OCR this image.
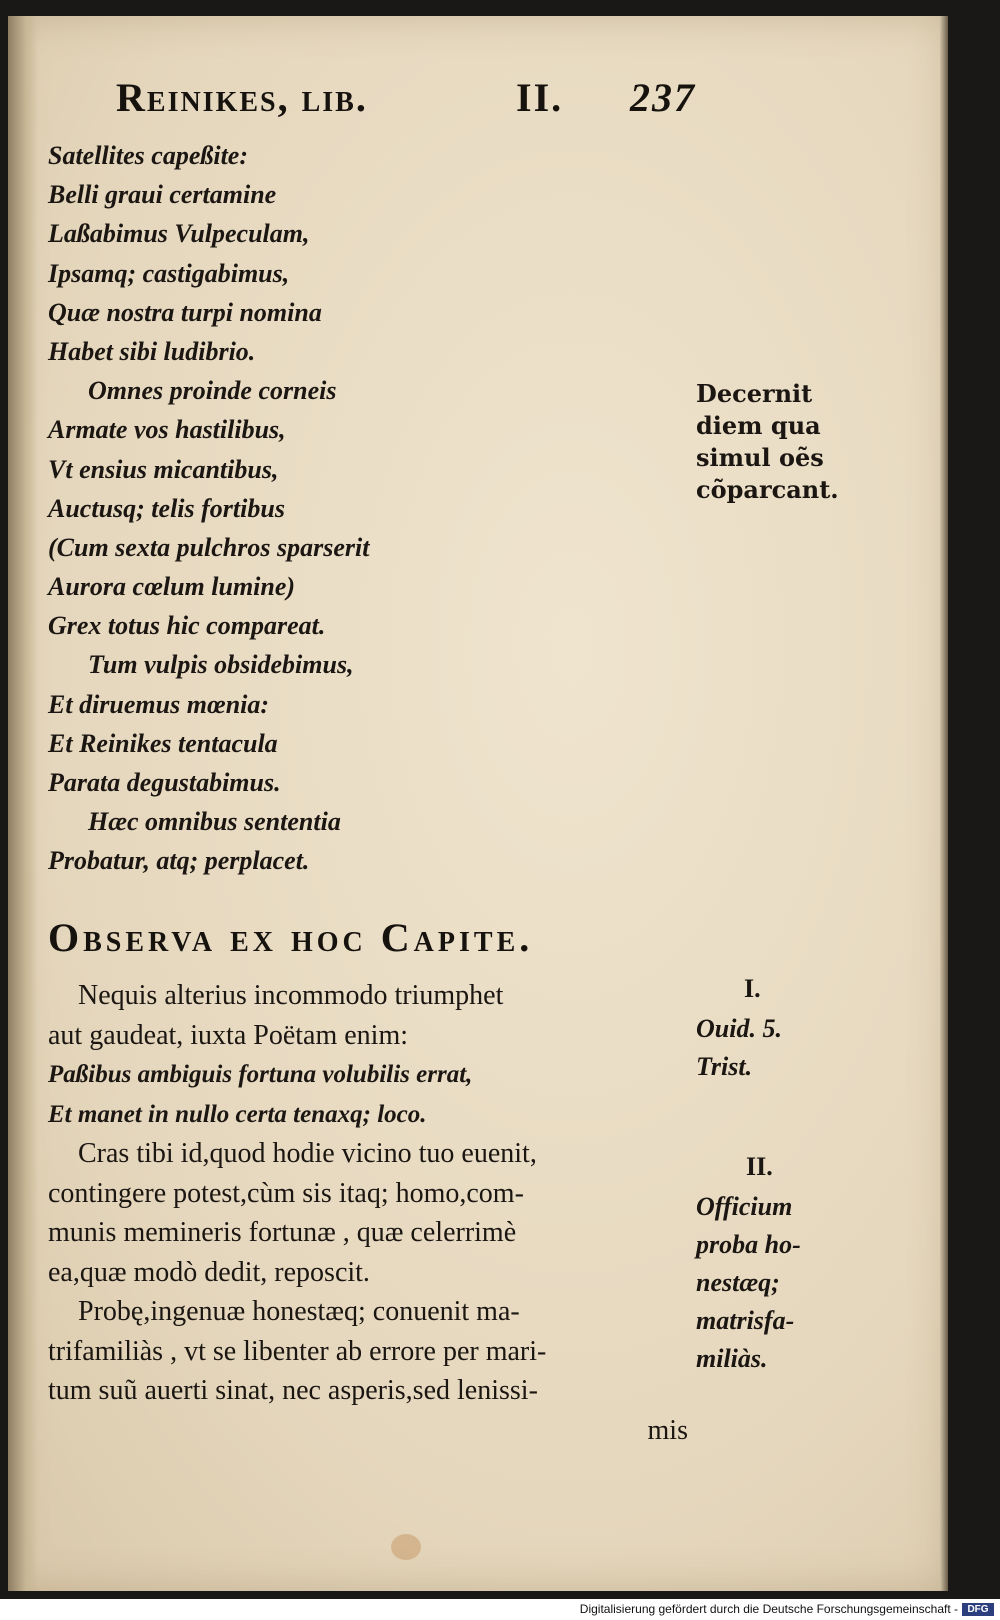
Reinikes, lib.	II. 237
Satellites capeßite:
Belli graui certamine
Laßabimus Vulpeculam,
Ipsamq; castigabimus,
Quæ nostra turpi nomina
Habet sibi ludibrio.
Omnes proinde corneis
Armate vos hastilibus,
Vt ensius micantibus,
Auctusq; telis fortibus
(Cum sexta pulchros sparserit
Aurora cœlum lumine)
Grex totus hic compareat.
Tum vulpis obsidebimus,
Et diruemus mœnia:
Et Reinikes tentacula
Parata degustabimus.
Hæc omnibus sententia
Probatur, atq; perplacet.
Decernit
diem qua
simul oẽs
cõparcant.
Observa ex hoc Capite.
Nequis alterius incommodo triumphet
aut gaudeat, iuxta Poëtam enim:
Paßibus ambiguis fortuna volubilis errat,
Et manet in nullo certa tenaxq; loco.
Cras tibi id,quod hodie vicino tuo euenit,
contingere potest,cùm sis itaq; homo,com-
munis memineris fortunæ , quæ celerrimè
ea,quæ modò dedit, reposcit.
Probę,ingenuæ honestæq; conuenit ma-
trifamiliàs , vt se libenter ab errore per mari-
tum suũ auerti sinat, nec asperis,sed lenissi-
mis
I.
Ouid. 5.
Trist.
II.
Officium
proba ho-
nestæq;
matrisfa-
miliàs.
Digitalisierung gefördert durch die Deutsche Forschungsgemeinschaft - DFG
